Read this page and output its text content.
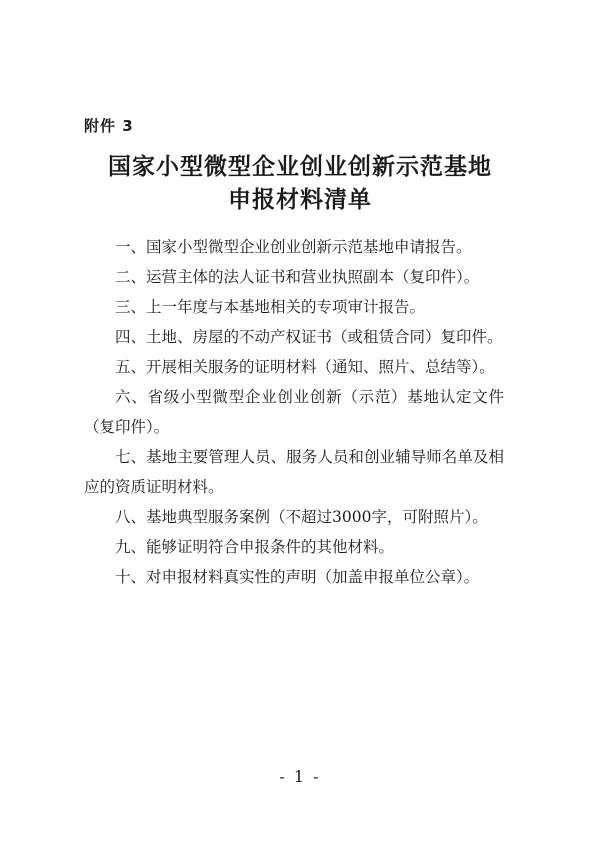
附件 3
国家小型微型企业创业创新示范基地
申报材料清单

一、国家小型微型企业创业创新示范基地申请报告。

二、运营主体的法人证书和营业执照副本（复印件）。

三、上一年度与本基地相关的专项审计报告。

四、土地、房屋的不动产权证书（或租赁合同）复印件。

五、开展相关服务的证明材料（通知、照片、总结等）。

六、省级小型微型企业创业创新（示范）基地认定文件（复印件）。

七、基地主要管理人员、服务人员和创业辅导师名单及相应的资质证明材料。

八、基地典型服务案例（不超过3000字，可附照片）。

九、能够证明符合申报条件的其他材料。

十、对申报材料真实性的声明（加盖申报单位公章）。

- 1 -
